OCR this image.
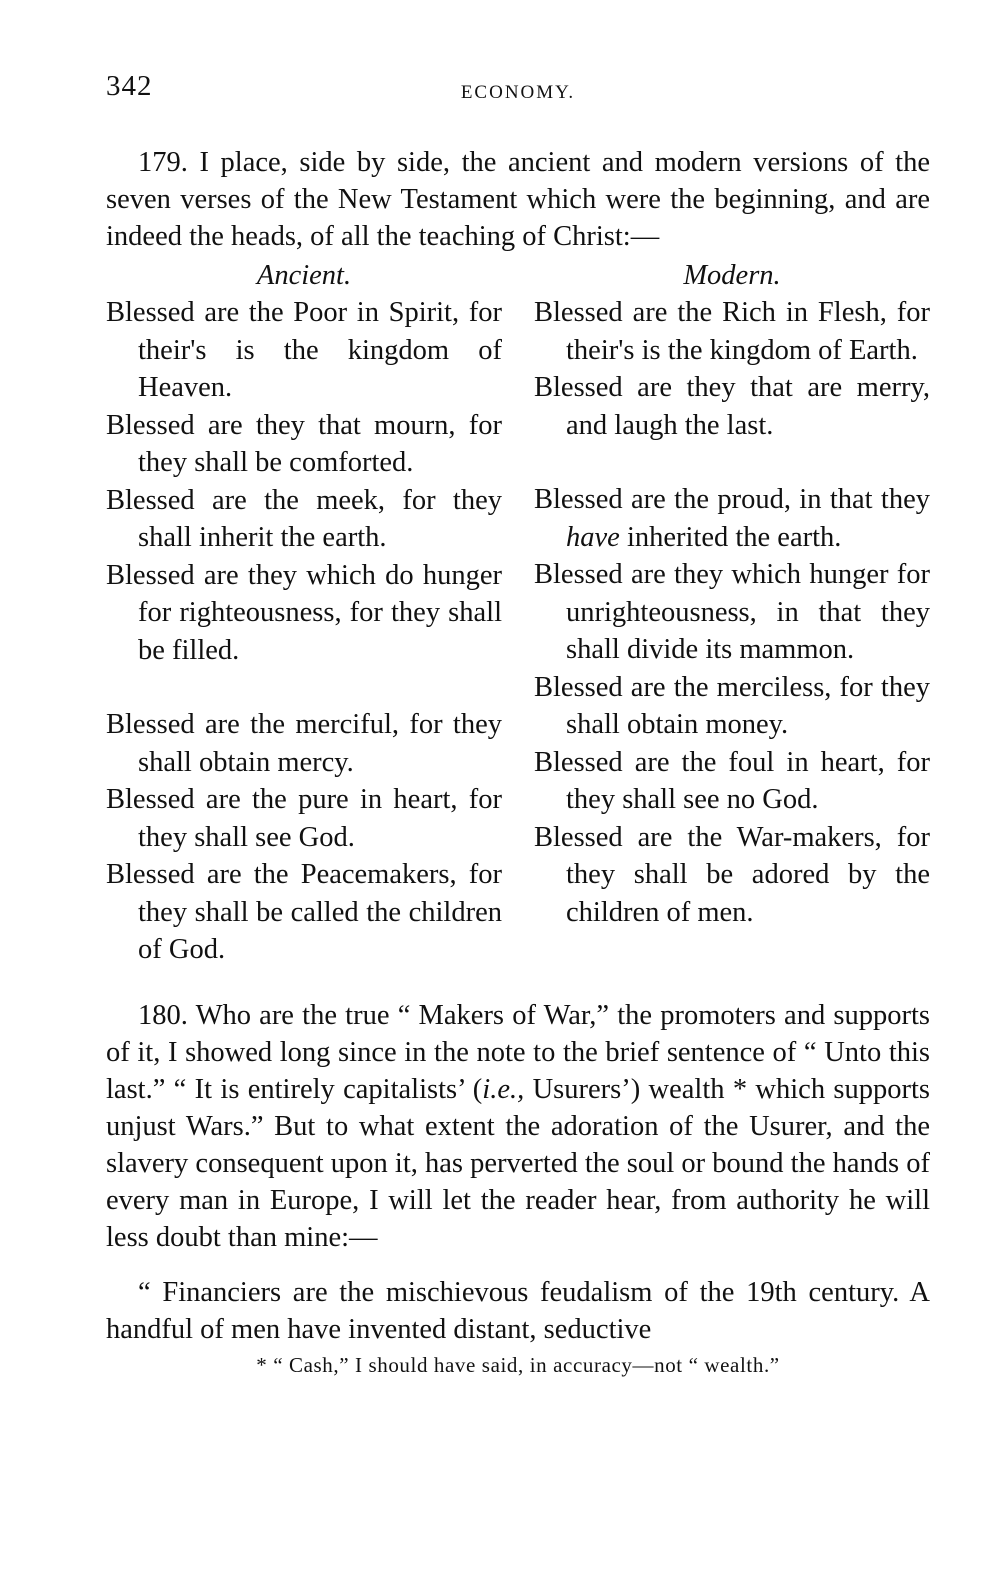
342	ECONOMY.

179. I place, side by side, the ancient and modern versions of the seven verses of the New Testament which were the beginning, and are indeed the heads, of all the teaching of Christ:—

Ancient.

Blessed are the Poor in Spirit, for their's is the kingdom of Heaven.

Blessed are they that mourn, for they shall be comforted.

Blessed are the meek, for they shall inherit the earth.

Blessed are they which do hunger for righteousness, for they shall be filled.

Blessed are the merciful, for they shall obtain mercy.

Blessed are the pure in heart, for they shall see God.

Blessed are the Peacemakers, for they shall be called the children of God.

Modern.

Blessed are the Rich in Flesh, for their's is the kingdom of Earth.

Blessed are they that are merry, and laugh the last.

Blessed are the proud, in that they have inherited the earth.

Blessed are they which hunger for unrighteousness, in that they shall divide its mammon.

Blessed are the merciless, for they shall obtain money.

Blessed are the foul in heart, for they shall see no God.

Blessed are the War-makers, for they shall be adored by the children of men.

180. Who are the true “ Makers of War,” the promoters and supports of it, I showed long since in the note to the brief sentence of “ Unto this last.” “ It is entirely capitalists’ (i.e., Usurers’) wealth * which supports unjust Wars.” But to what extent the adoration of the Usurer, and the slavery consequent upon it, has perverted the soul or bound the hands of every man in Europe, I will let the reader hear, from authority he will less doubt than mine:—

“ Financiers are the mischievous feudalism of the 19th century. A handful of men have invented distant, seductive

* “ Cash,” I should have said, in accuracy—not “ wealth.”
